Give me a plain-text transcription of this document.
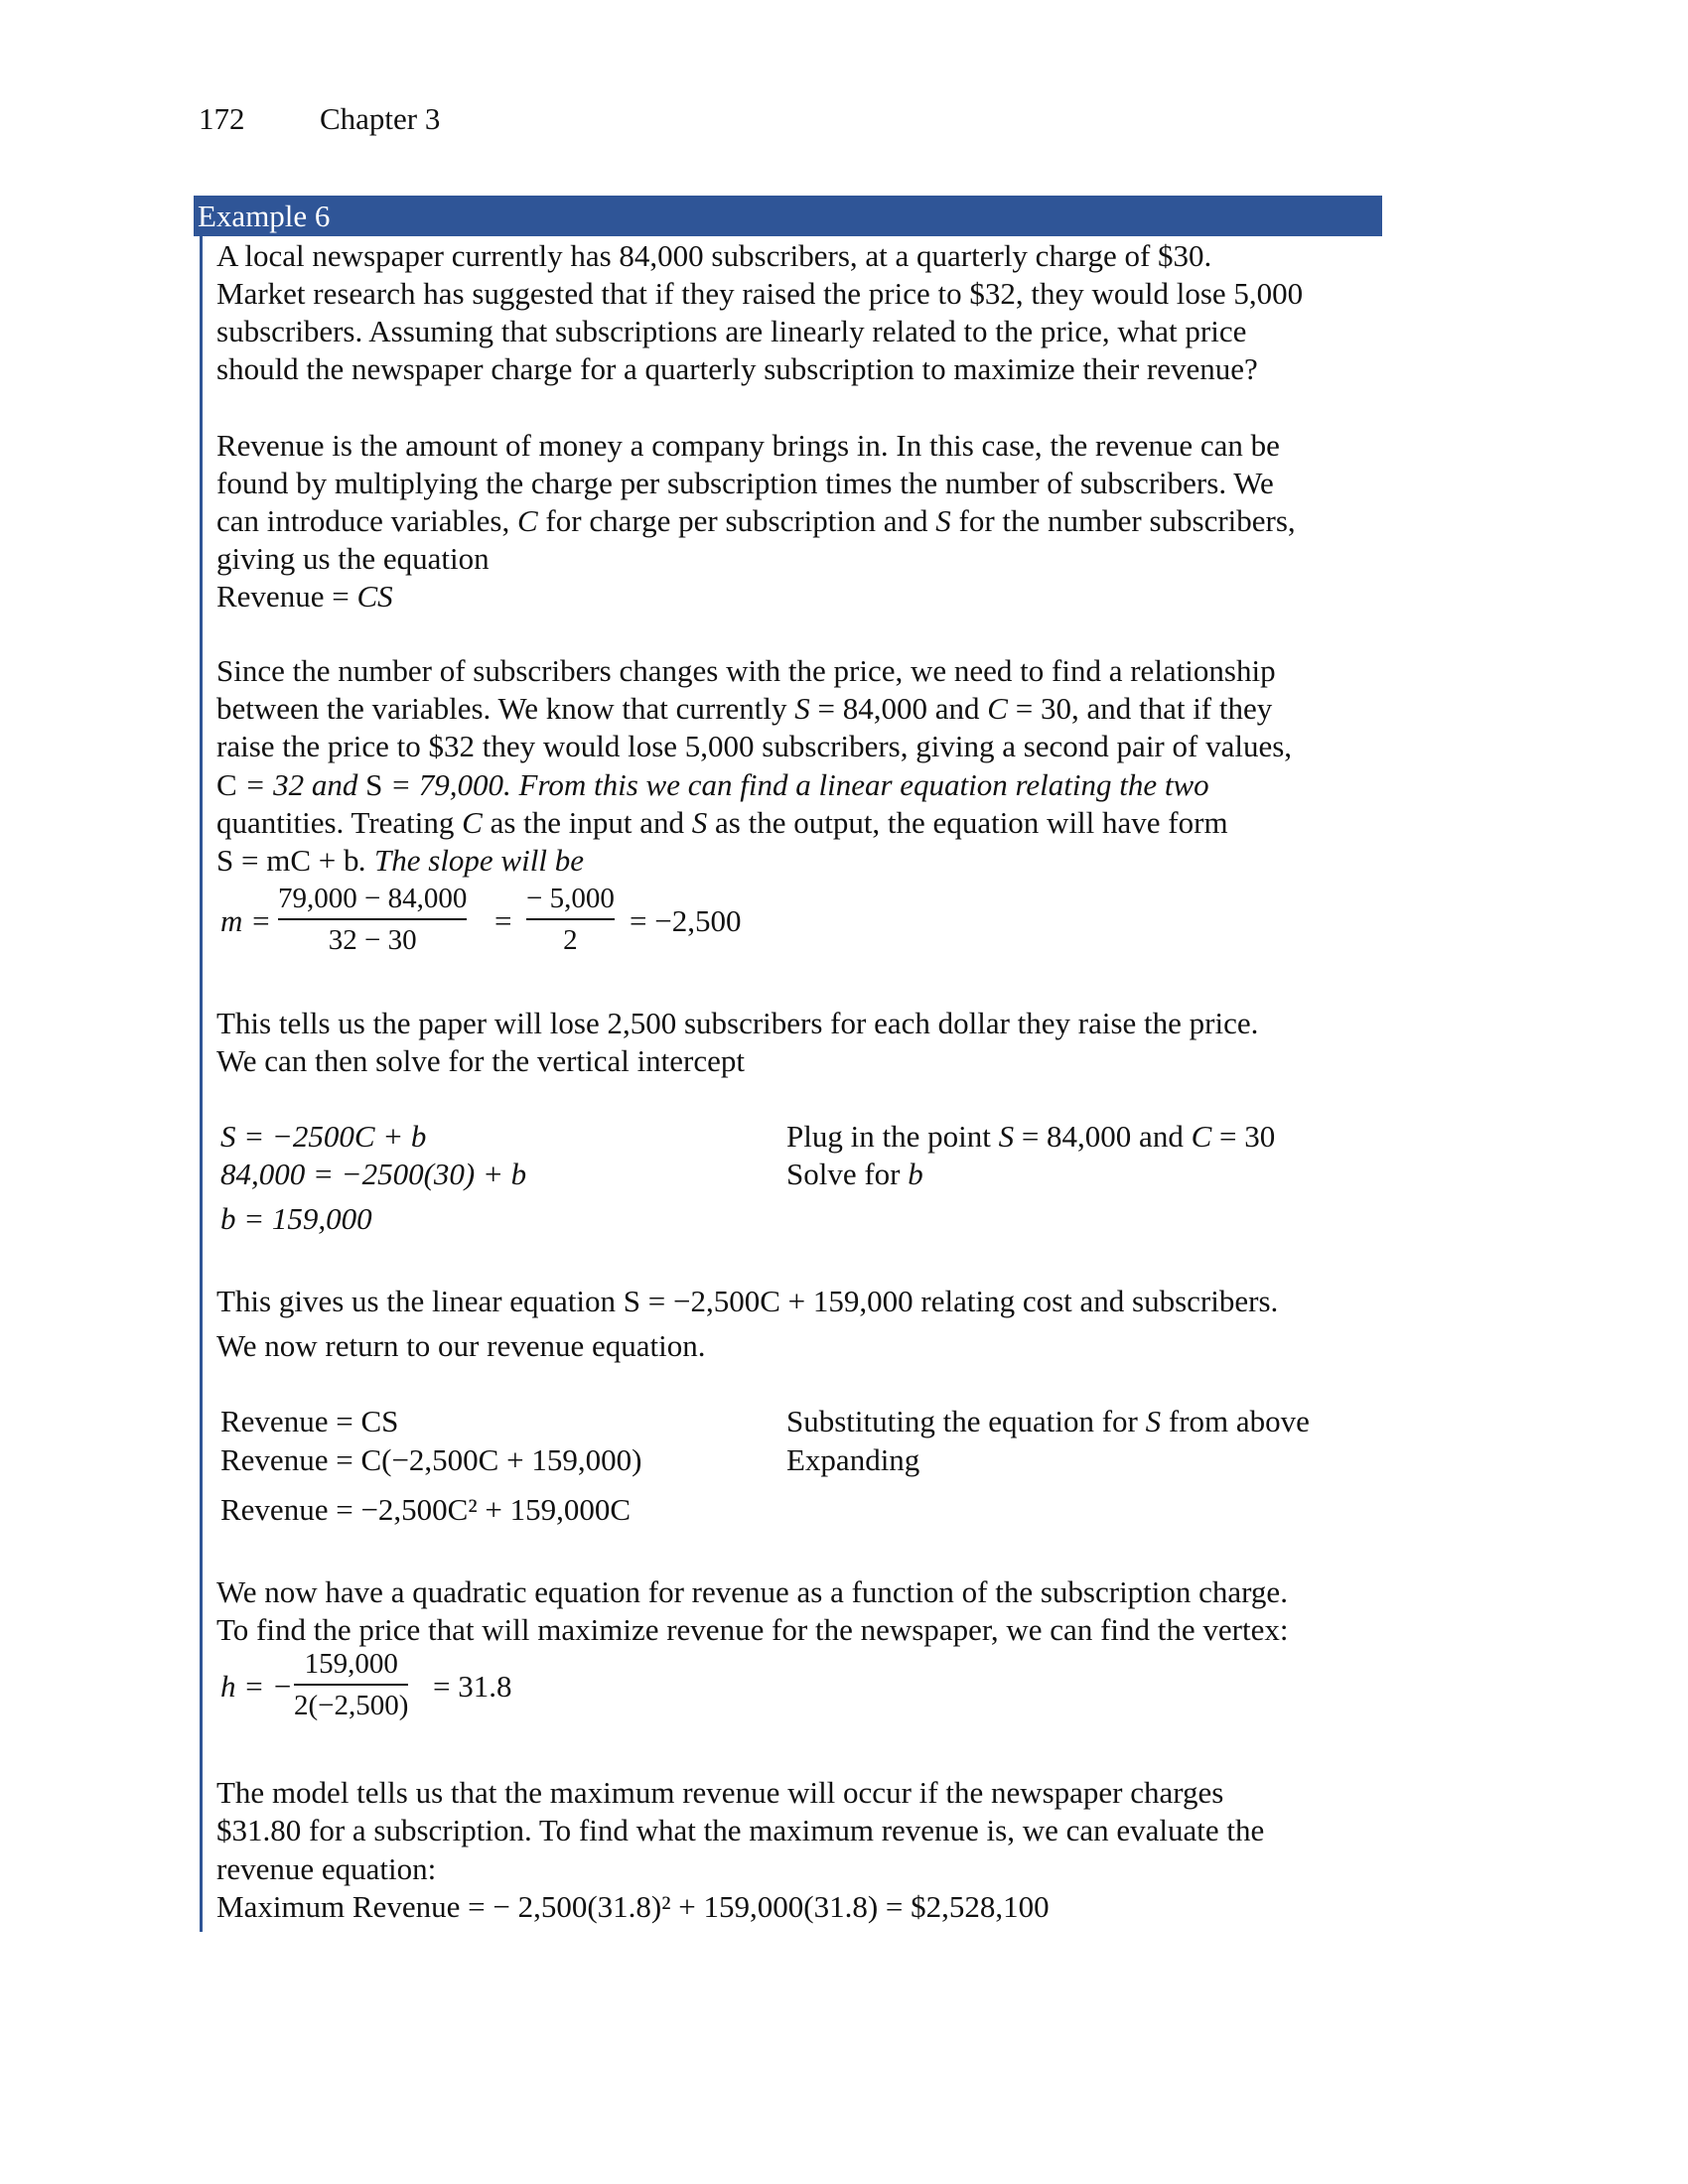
172 Chapter 3
Example 6
A local newspaper currently has 84,000 subscribers, at a quarterly charge of $30.
Market research has suggested that if they raised the price to $32, they would lose 5,000
subscribers. Assuming that subscriptions are linearly related to the price, what price
should the newspaper charge for a quarterly subscription to maximize their revenue?
Revenue is the amount of money a company brings in. In this case, the revenue can be
found by multiplying the charge per subscription times the number of subscribers. We
can introduce variables, C for charge per subscription and S for the number subscribers,
giving us the equation
Revenue = CS
Since the number of subscribers changes with the price, we need to find a relationship
between the variables. We know that currently S = 84,000 and C = 30, and that if they
raise the price to $32 they would lose 5,000 subscribers, giving a second pair of values,
C = 32 and S = 79,000. From this we can find a linear equation relating the two
quantities. Treating C as the input and S as the output, the equation will have form
S = mC + b. The slope will be
m =
79,000 − 84,000
32 − 30
=
− 5,000
2
= −2,500
This tells us the paper will lose 2,500 subscribers for each dollar they raise the price.
We can then solve for the vertical intercept
S = −2500C + b
84,000 = −2500(30) + b
b = 159,000
Plug in the point S = 84,000 and C = 30
Solve for b
This gives us the linear equation S = −2,500C + 159,000 relating cost and subscribers.
We now return to our revenue equation.
Revenue = CS
Revenue = C(−2,500C + 159,000)
Revenue = −2,500C² + 159,000C
Substituting the equation for S from above
Expanding
We now have a quadratic equation for revenue as a function of the subscription charge.
To find the price that will maximize revenue for the newspaper, we can find the vertex:
h = −
159,000
2(−2,500)
= 31.8
The model tells us that the maximum revenue will occur if the newspaper charges
$31.80 for a subscription. To find what the maximum revenue is, we can evaluate the
revenue equation:
Maximum Revenue = − 2,500(31.8)² + 159,000(31.8) = $2,528,100
